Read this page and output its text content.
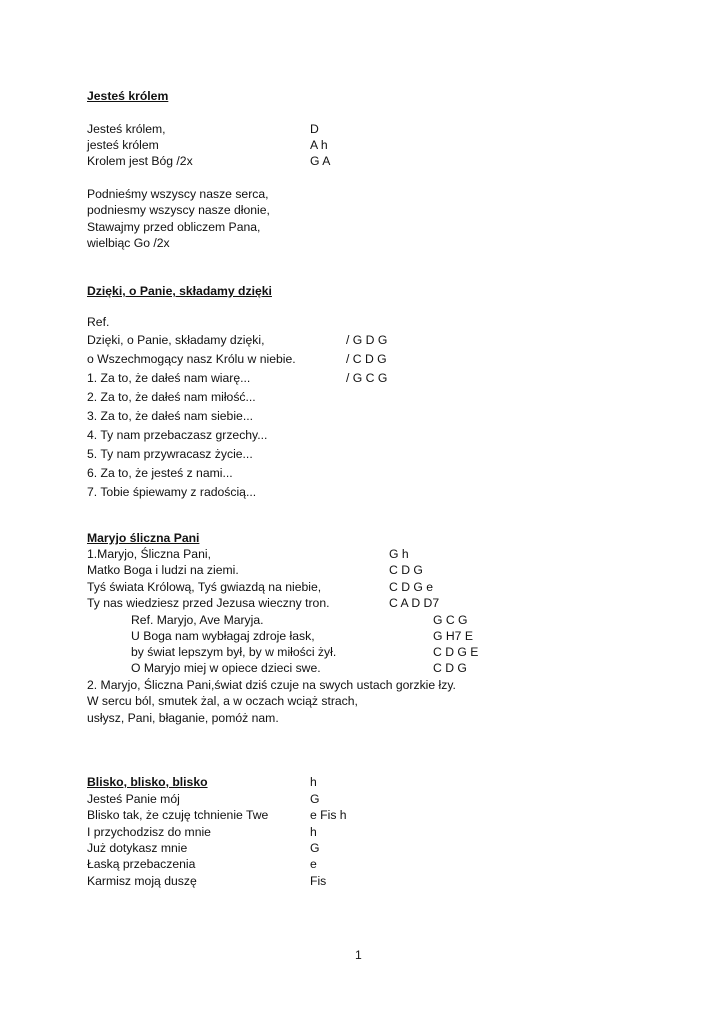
Jesteś królem
Jesteś królem,	D
jesteś królem	A h
Krolem jest Bóg /2x	G A
Podnieśmy wszyscy nasze serca,
podniesmy wszyscy nasze dłonie,
Stawajmy przed obliczem Pana,
wielbiąc Go /2x
Dzięki, o Panie, składamy dzięki
Ref.
Dzięki, o Panie, składamy dzięki,	/ G D G
o Wszechmogący nasz Królu w niebie.	/ C D G
1. Za to, że dałeś nam wiarę...	/ G C G
2. Za to, że dałeś nam miłość...
3. Za to, że dałeś nam siebie...
4. Ty nam przebaczasz grzechy...
5. Ty nam przywracasz życie...
6. Za to, że jesteś z nami...
7. Tobie śpiewamy z radością...
Maryjo śliczna Pani
1.Maryjo, Śliczna Pani,	G h
Matko Boga i ludzi na ziemi.	C D G
Tyś świata Królową, Tyś gwiazdą na niebie,	C D G e
Ty nas wiedziesz przed Jezusa wieczny tron.	C A D D7
Ref. Maryjo, Ave Maryja.	G C G
U Boga nam wybłagaj zdroje łask,	G H7 E
by świat lepszym był, by w miłości żył.	C D G E
O Maryjo miej w opiece dzieci swe.	C D G
2. Maryjo, Śliczna Pani,świat dziś czuje na swych ustach gorzkie łzy.
W sercu ból, smutek żal, a w oczach wciąż strach,
usłysz, Pani, błaganie, pomóż nam.
Blisko, blisko, blisko	h
Jesteś Panie mój	G
Blisko tak, że czuję tchnienie Twe	e Fis h
I przychodzisz do mnie	h
Już dotykasz mnie	G
Łaską przebaczenia	e
Karmisz moją duszę	Fis
1
